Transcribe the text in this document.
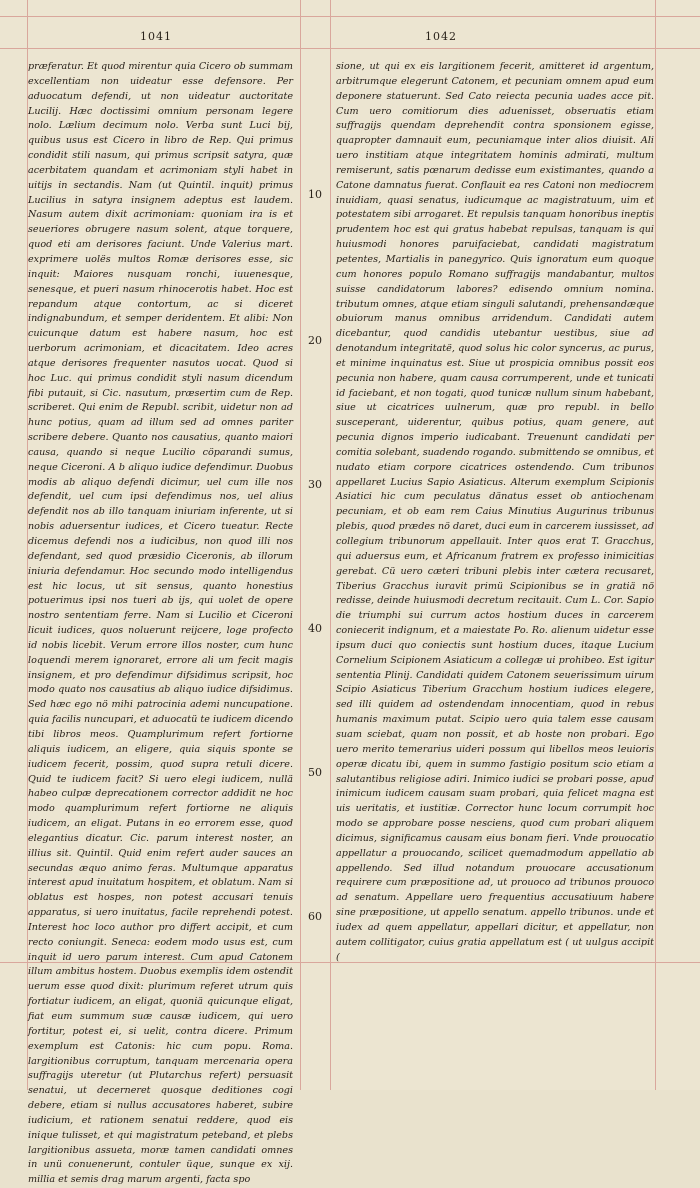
1041	1042

præferatur. Et quod mirentur quia Cicero ob summam excellentiam non uideatur esse defensore. Per aduocatum defendi, ut non uideatur auctoritate Lucilij. Hæc doctissimi omnium personam legere nolo. Lælium decimum nolo. Verba sunt Luci bij, quibus usus est Cicero in libro de Rep. Qui primus condidit stili nasum, qui primus scripsit satyra, quæ acerbitatem quandam et acrimoniam styli habet in uitijs in sectandis. Nam (ut Quintil. inquit) primus Lucilius in satyra insignem adeptus est laudem. Nasum autem dixit acrimoniam: quoniam ira is et seueriores obrugere nasum solent, atque torquere, quod eti am derisores faciunt. Unde Valerius mart. exprimere uolës multos Romæ derisores esse, sic inquit: Maiores nusquam ronchi, iuuenesque, senesque, et pueri nasum rhinocerotis habet. Hoc est repandum atque contortum, ac si diceret indignabundum, et semper deridentem. Et alibi: Non cuicunque datum est habere nasum, hoc est uerborum acrimoniam, et dicacitatem. Ideo acres atque derisores frequenter nasutos uocat. Quod si hoc Luc. qui primus condidit styli nasum dicendum fibi putauit, si Cic. nasutum, præsertim cum de Rep. scriberet. Qui enim de Republ. scribit, uidetur non ad hunc potius, quam ad illum sed ad omnes pariter scribere debere. Quanto nos causatius, quanto maiori causa, quando si neque Lucilio cöparandi sumus, neque Ciceroni. A b aliquo iudice defendimur. Duobus modis ab aliquo defendi dicimur, uel cum ille nos defendit, uel cum ipsi defendimus nos, uel alius defendit nos ab illo tanquam iniuriam inferente, ut si nobis aduersentur iudices, et Cicero tueatur. Recte dicemus defendi nos a iudicibus, non quod illi nos defendant, sed quod præsidio Ciceronis, ab illorum iniuria defendamur. Hoc secundo modo intelligendus est hic locus, ut sit sensus, quanto honestius potuerimus ipsi nos tueri ab ijs, qui uolet de opere nostro sententiam ferre. Nam si Lucilio et Ciceroni licuit iudices, quos noluerunt reijcere, loge profecto id nobis licebit. Verum errore illos noster, cum hunc loquendi merem ignoraret, errore ali um fecit magis insignem, et pro defendimur difsidimus scripsit, hoc modo quato nos causatius ab aliquo iudice difsidimus. Sed hæc ego nö mihi patrocinia ademi nuncupatione. quia facilis nuncupari, et aduocatü te iudicem dicendo tibi libros meos. Quamplurimum refert fortiorne aliquis iudicem, an eligere, quia siquis sponte se iudicem fecerit, possim, quod supra retuli dicere. Quid te iudicem facit? Si uero elegi iudicem, nullä habeo culpæ deprecationem corrector addidit ne hoc modo quamplurimum refert fortiorne ne aliquis iudicem, an eligat. Putans in eo errorem esse, quod elegantius dicatur. Cic. parum interest noster, an illius sit. Quintil. Quid enim refert auder sauces an secundas æquo animo feras. Multumque apparatus interest apud inuitatum hospitem, et oblatum. Nam si oblatus est hospes, non potest accusari tenuis apparatus, si uero inuitatus, facile reprehendi potest. Interest hoc loco author pro differt accipit, et cum recto coniungit. Seneca: eodem modo usus est, cum inquit id uero parum interest. Cum apud Catonem illum ambitus hostem. Duobus exemplis idem ostendit uerum esse quod dixit: plurimum referet utrum quis fortiatur iudicem, an eligat, quoniä quicunque eligat, fiat eum summum suæ causæ iudicem, qui uero fortitur, potest ei, si uelit, contra dicere. Primum exemplum est Catonis: hic cum popu. Roma. largitionibus corruptum, tanquam mercenaria opera suffragijs uteretur (ut Plutarchus refert) persuasit senatui, ut decerneret quosque deditiones cogi debere, etiam si nullus accusatores haberet, subire iudicium, et rationem senatui reddere, quod eis inique tulisset, et qui magistratum peteband, et plebs largitionibus assueta, moræ tamen candidati omnes in unü conuenerunt, contuler üque, sunque ex xij. millia et semis drag marum argenti, facta spo

10
20
30
40
50
60

sione, ut qui ex eis largitionem fecerit, amitteret id argentum, arbitrumque elegerunt Catonem, et pecuniam omnem apud eum deponere statuerunt. Sed Cato reiecta pecunia uades acce pit. Cum uero comitiorum dies aduenisset, obseruatis etiam suffragijs quendam deprehendit contra sponsionem egisse, quapropter damnauit eum, pecuniamque inter alios diuisit. Ali uero institiam atque integritatem hominis admirati, multum remiserunt, satis pœnarum dedisse eum existimantes, quando a Catone damnatus fuerat. Conflauit ea res Catoni non mediocrem inuidiam, quasi senatus, iudicumque ac magistratuum, uim et potestatem sibi arrogaret. Et repulsis tanquam honoribus ineptis prudentem hoc est qui gratus habebat repulsas, tanquam is qui huiusmodi honores paruifaciebat, candidati magistratum petentes, Martialis in panegyrico. Quis ignoratum eum quoque cum honores populo Romano suffragijs mandabantur, multos suisse candidatorum labores? edisendo omnium nomina. tributum omnes, atque etiam singuli salutandi, prehensandæque obuiorum manus omnibus arridendum. Candidati autem dicebantur, quod candidis utebantur uestibus, siue ad denotandum integritatë, quod solus hic color syncerus, ac purus, et minime inquinatus est. Siue ut prospicia omnibus possit eos pecunia non habere, quam causa corrumperent, unde et tunicati id faciebant, et non togati, quod tunicæ nullum sinum habebant, siue ut cicatrices uulnerum, quæ pro republ. in bello susceperant, uiderentur, quibus potius, quam genere, aut pecunia dignos imperio iudicabant. Treuenunt candidati per comitia solebant, suadendo rogando. submittendo se omnibus, et nudato etiam corpore cicatrices ostendendo. Cum tribunos appellaret Lucius Sapio Asiaticus. Alterum exemplum Scipionis Asiatici hic cum peculatus dänatus esset ob antiochenam pecuniam, et ob eam rem Caius Minutius Augurinus tribunus plebis, quod prædes nö daret, duci eum in carcerem iussisset, ad collegium tribunorum appellauit. Inter quos erat T. Gracchus, qui aduersus eum, et Africanum fratrem ex professo inimicitias gerebat. Cü uero cæteri tribuni plebis inter cætera recusaret, Tiberius Gracchus iuravit primü Scipionibus se in gratiä nö redisse, deinde huiusmodi decretum recitauit. Cum L. Cor. Sapio die triumphi sui currum actos hostium duces in carcerem coniecerit indignum, et a maiestate Po. Ro. alienum uidetur esse ipsum duci quo coniectis sunt hostium duces, itaque Lucium Cornelium Scipionem Asiaticum a collegæ ui prohibeo. Est igitur sententia Plinij. Candidati quidem Catonem seuerissimum uirum Scipio Asiaticus Tiberium Gracchum hostium iudices elegere, sed illi quidem ad ostendendam innocentiam, quod in rebus humanis maximum putat. Scipio uero quia talem esse causam suam sciebat, quam non possit, et ab hoste non probari. Ego uero merito temerarius uideri possum qui libellos meos leuioris operæ dicatu ibi, quem in summo fastigio positum scio etiam a salutantibus religiose adiri. Inimico iudici se probari posse, apud inimicum iudicem causam suam probari, quia felicet magna est uis ueritatis, et iustitiæ. Corrector hunc locum corrumpit hoc modo se approbare posse nesciens, quod cum probari aliquem dicimus, significamus causam eius bonam fieri. Vnde prouocatio appellatur a prouocando, scilicet quemadmodum appellatio ab appellendo. Sed illud notandum prouocare accusationum requirere cum præpositione ad, ut prouoco ad tribunos prouoco ad senatum. Appellare uero frequentius accusatiuum habere sine præpositione, ut appello senatum. appello tribunos. unde et iudex ad quem appellatur, appellari dicitur, et appellatur, non autem collitigator, cuius gratia appellatum est ( ut uulgus accipit (
